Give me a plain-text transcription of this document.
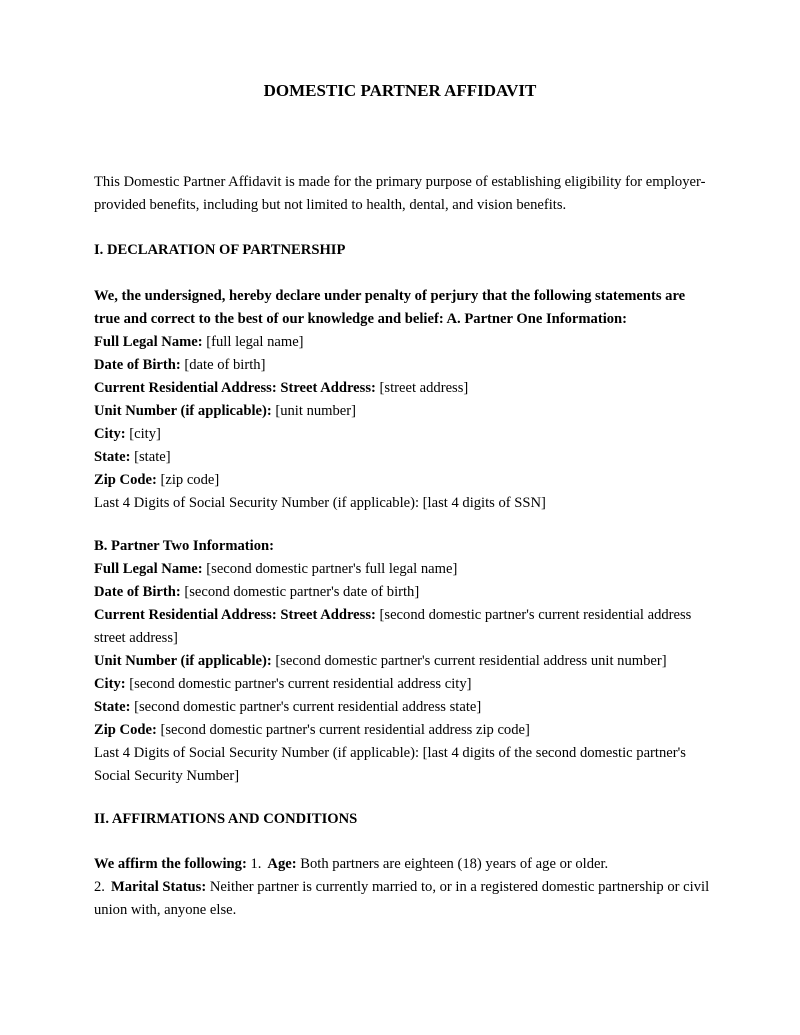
DOMESTIC PARTNER AFFIDAVIT
This Domestic Partner Affidavit is made for the primary purpose of establishing eligibility for employer-
provided benefits, including but not limited to health, dental, and vision benefits.
I. DECLARATION OF PARTNERSHIP
We, the undersigned, hereby declare under penalty of perjury that the following statements are
true and correct to the best of our knowledge and belief: A. Partner One Information:
Full Legal Name: [full legal name]
Date of Birth: [date of birth]
Current Residential Address: Street Address: [street address]
Unit Number (if applicable): [unit number]
City: [city]
State: [state]
Zip Code: [zip code]
Last 4 Digits of Social Security Number (if applicable): [last 4 digits of SSN]
B. Partner Two Information:
Full Legal Name: [second domestic partner's full legal name]
Date of Birth: [second domestic partner's date of birth]
Current Residential Address: Street Address: [second domestic partner's current residential address
street address]
Unit Number (if applicable): [second domestic partner's current residential address unit number]
City: [second domestic partner's current residential address city]
State: [second domestic partner's current residential address state]
Zip Code: [second domestic partner's current residential address zip code]
Last 4 Digits of Social Security Number (if applicable): [last 4 digits of the second domestic partner's
Social Security Number]
II. AFFIRMATIONS AND CONDITIONS
We affirm the following: 1. Age: Both partners are eighteen (18) years of age or older.
2. Marital Status: Neither partner is currently married to, or in a registered domestic partnership or civil
union with, anyone else.
